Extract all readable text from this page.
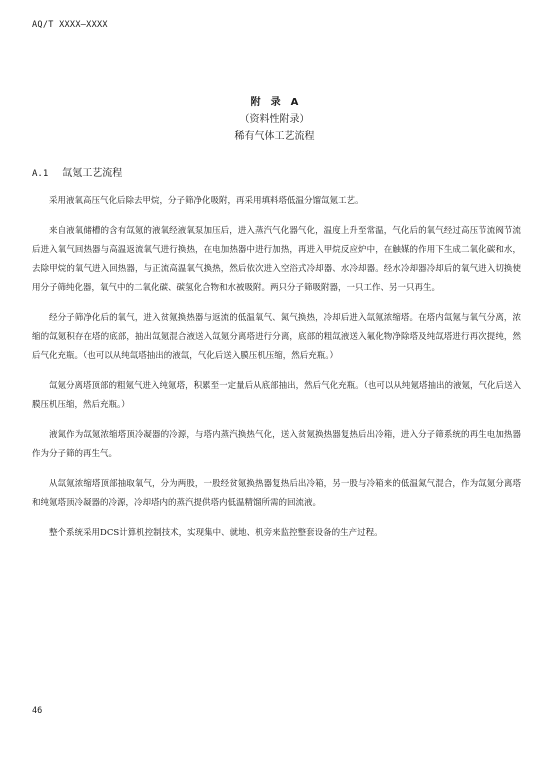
AQ/T XXXX—XXXX
附　录　A
（资料性附录）
稀有气体工艺流程
A.1 氙氪工艺流程

采用液氧高压气化后除去甲烷，分子筛净化吸附，再采用填料塔低温分馏氙氪工艺。

来自液氧储槽的含有氙氪的液氧经液氧泵加压后，进入蒸汽气化器气化，温度上升至常温，气化后的氧气经过高压节流阀节流后进入氧气回热器与高温返流氧气进行换热，在电加热器中进行加热，再进入甲烷反应炉中，在触媒的作用下生成二氧化碳和水，去除甲烷的氧气进入回热器，与正流高温氧气换热，然后依次进入空浴式冷却器、水冷却器。经水冷却器冷却后的氧气进入切换使用分子筛纯化器，氧气中的二氧化碳、碳氢化合物和水被吸附。两只分子筛吸附器，一只工作、另一只再生。

经分子筛净化后的氧气，进入贫氪换热器与返流的低温氧气、氮气换热，冷却后进入氙氪浓缩塔。在塔内氙氪与氧气分离，浓缩的氙氪积存在塔的底部，抽出氙氪混合液送入氙氪分离塔进行分离，底部的粗氙液送入氟化物净除塔及纯氙塔进行再次提纯，然后气化充瓶。（也可以从纯氙塔抽出的液氙，气化后送入膜压机压缩，然后充瓶。）

氙氪分离塔顶部的粗氪气进入纯氪塔，积累至一定量后从底部抽出，然后气化充瓶。（也可以从纯氪塔抽出的液氪，气化后送入膜压机压缩，然后充瓶。）

液氮作为氙氪浓缩塔顶冷凝器的冷源，与塔内蒸汽换热气化，送入贫氪换热器复热后出冷箱，进入分子筛系统的再生电加热器作为分子筛的再生气。

从氙氪浓缩塔顶部抽取氧气，分为两股，一股经贫氪换热器复热后出冷箱，另一股与冷箱来的低温氮气混合，作为氙氪分离塔和纯氪塔顶冷凝器的冷源，冷却塔内的蒸汽提供塔内低温精馏所需的回流液。

整个系统采用DCS计算机控制技术，实现集中、就地、机旁来监控整套设备的生产过程。

46
